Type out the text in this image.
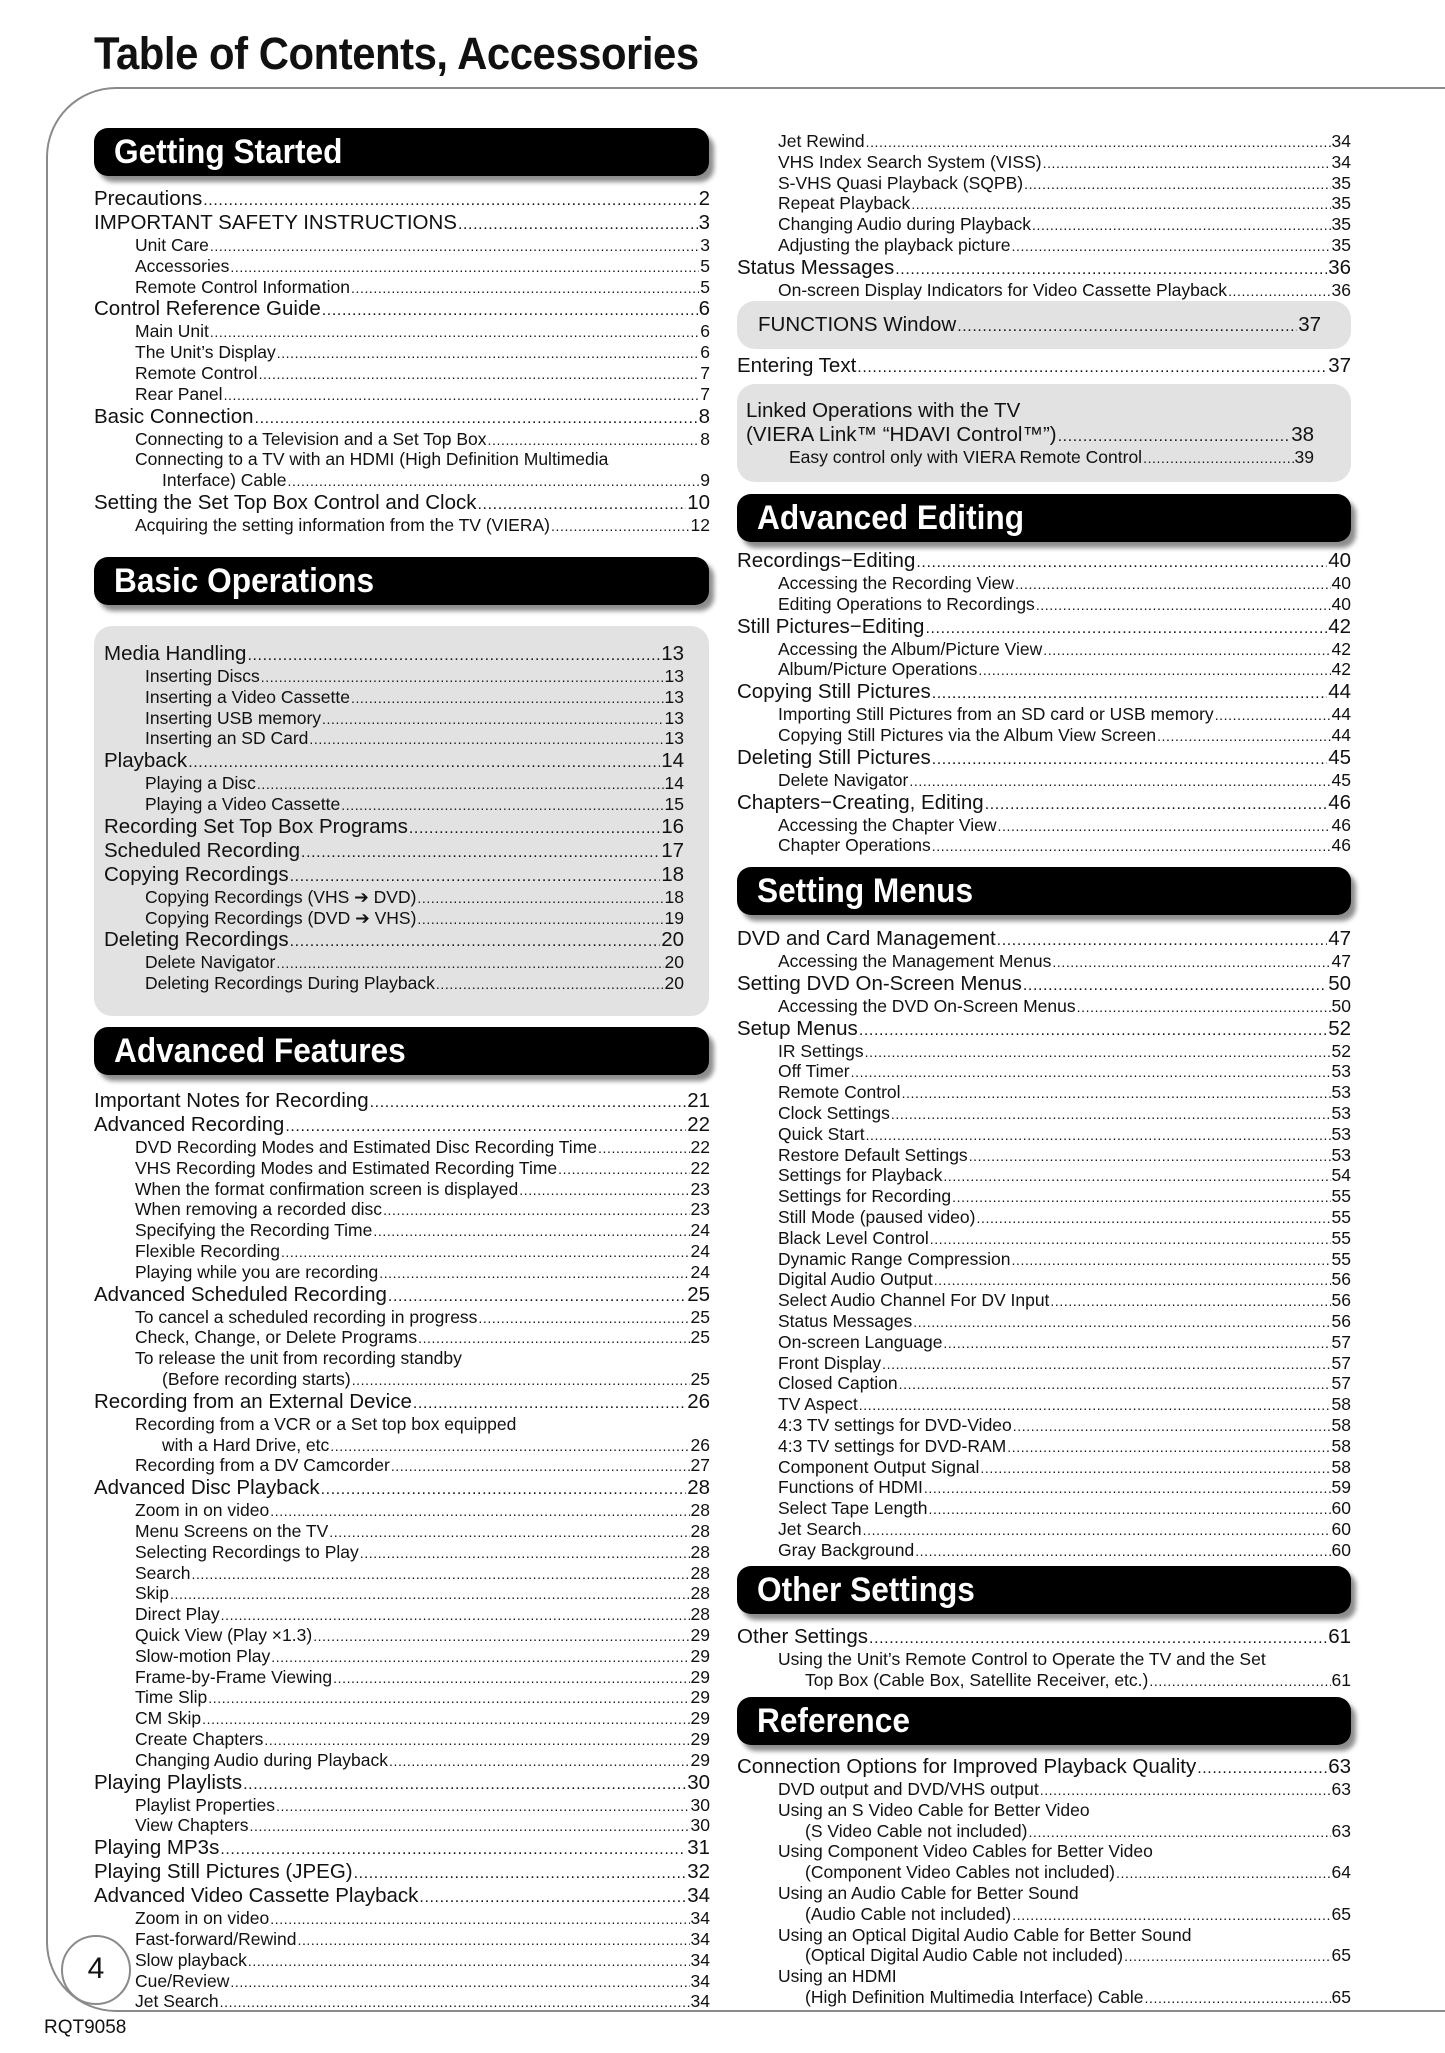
Table of Contents, Accessories
Getting Started
Precautions .....	2
IMPORTANT SAFETY INSTRUCTIONS .....	3
Unit Care .....	3
Accessories .....	5
Remote Control Information .....	5
Control Reference Guide .....	6
Main Unit .....	6
The Unit’s Display .....	6
Remote Control .....	7
Rear Panel .....	7
Basic Connection .....	8
Connecting to a Television and a Set Top Box .....	8
Connecting to a TV with an HDMI (High Definition Multimedia
Interface) Cable .....	9
Setting the Set Top Box Control and Clock .....	10
Acquiring the setting information from the TV (VIERA) .....	12
Basic Operations
Media Handling .....	13
Inserting Discs .....	13
Inserting a Video Cassette .....	13
Inserting USB memory .....	13
Inserting an SD Card .....	13
Playback .....	14
Playing a Disc .....	14
Playing a Video Cassette .....	15
Recording Set Top Box Programs .....	16
Scheduled Recording .....	17
Copying Recordings .....	18
Copying Recordings (VHS ➔ DVD) .....	18
Copying Recordings (DVD ➔ VHS) .....	19
Deleting Recordings .....	20
Delete Navigator .....	20
Deleting Recordings During Playback .....	20
Advanced Features
Important Notes for Recording .....	21
Advanced Recording .....	22
DVD Recording Modes and Estimated Disc Recording Time .....	22
VHS Recording Modes and Estimated Recording Time .....	22
When the format confirmation screen is displayed .....	23
When removing a recorded disc .....	23
Specifying the Recording Time .....	24
Flexible Recording .....	24
Playing while you are recording .....	24
Advanced Scheduled Recording .....	25
To cancel a scheduled recording in progress .....	25
Check, Change, or Delete Programs .....	25
To release the unit from recording standby
(Before recording starts) .....	25
Recording from an External Device .....	26
Recording from a VCR or a Set top box equipped
with a Hard Drive, etc .....	26
Recording from a DV Camcorder .....	27
Advanced Disc Playback .....	28
Zoom in on video .....	28
Menu Screens on the TV .....	28
Selecting Recordings to Play .....	28
Search .....	28
Skip .....	28
Direct Play .....	28
Quick View (Play ×1.3) .....	29
Slow-motion Play .....	29
Frame-by-Frame Viewing .....	29
Time Slip .....	29
CM Skip .....	29
Create Chapters .....	29
Changing Audio during Playback .....	29
Playing Playlists .....	30
Playlist Properties .....	30
View Chapters .....	30
Playing MP3s .....	31
Playing Still Pictures (JPEG) .....	32
Advanced Video Cassette Playback .....	34
Zoom in on video .....	34
Fast-forward/Rewind .....	34
Slow playback .....	34
Cue/Review .....	34
Jet Search .....	34
Jet Rewind .....	34
VHS Index Search System (VISS) .....	34
S-VHS Quasi Playback (SQPB) .....	35
Repeat Playback .....	35
Changing Audio during Playback .....	35
Adjusting the playback picture .....	35
Status Messages .....	36
On-screen Display Indicators for Video Cassette Playback .....	36
FUNCTIONS Window .....	37
Entering Text .....	37
Linked Operations with the TV
(VIERA Link™ “HDAVI Control™”) .....	38
Easy control only with VIERA Remote Control .....	39
Advanced Editing
Recordings−Editing .....	40
Accessing the Recording View .....	40
Editing Operations to Recordings .....	40
Still Pictures−Editing .....	42
Accessing the Album/Picture View .....	42
Album/Picture Operations .....	42
Copying Still Pictures .....	44
Importing Still Pictures from an SD card or USB memory .....	44
Copying Still Pictures via the Album View Screen .....	44
Deleting Still Pictures .....	45
Delete Navigator .....	45
Chapters−Creating, Editing .....	46
Accessing the Chapter View .....	46
Chapter Operations .....	46
Setting Menus
DVD and Card Management .....	47
Accessing the Management Menus .....	47
Setting DVD On-Screen Menus .....	50
Accessing the DVD On-Screen Menus .....	50
Setup Menus .....	52
IR Settings .....	52
Off Timer .....	53
Remote Control .....	53
Clock Settings .....	53
Quick Start .....	53
Restore Default Settings .....	53
Settings for Playback .....	54
Settings for Recording .....	55
Still Mode (paused video) .....	55
Black Level Control .....	55
Dynamic Range Compression .....	55
Digital Audio Output .....	56
Select Audio Channel For DV Input .....	56
Status Messages .....	56
On-screen Language .....	57
Front Display .....	57
Closed Caption .....	57
TV Aspect .....	58
4:3 TV settings for DVD-Video .....	58
4:3 TV settings for DVD-RAM .....	58
Component Output Signal .....	58
Functions of HDMI .....	59
Select Tape Length .....	60
Jet Search .....	60
Gray Background .....	60
Other Settings
Other Settings .....	61
Using the Unit’s Remote Control to Operate the TV and the Set
Top Box (Cable Box, Satellite Receiver, etc.) .....	61
Reference
Connection Options for Improved Playback Quality .....	63
DVD output and DVD/VHS output .....	63
Using an S Video Cable for Better Video
(S Video Cable not included) .....	63
Using Component Video Cables for Better Video
(Component Video Cables not included) .....	64
Using an Audio Cable for Better Sound
(Audio Cable not included) .....	65
Using an Optical Digital Audio Cable for Better Sound
(Optical Digital Audio Cable not included) .....	65
Using an HDMI
(High Definition Multimedia Interface) Cable .....	65
4
RQT9058
